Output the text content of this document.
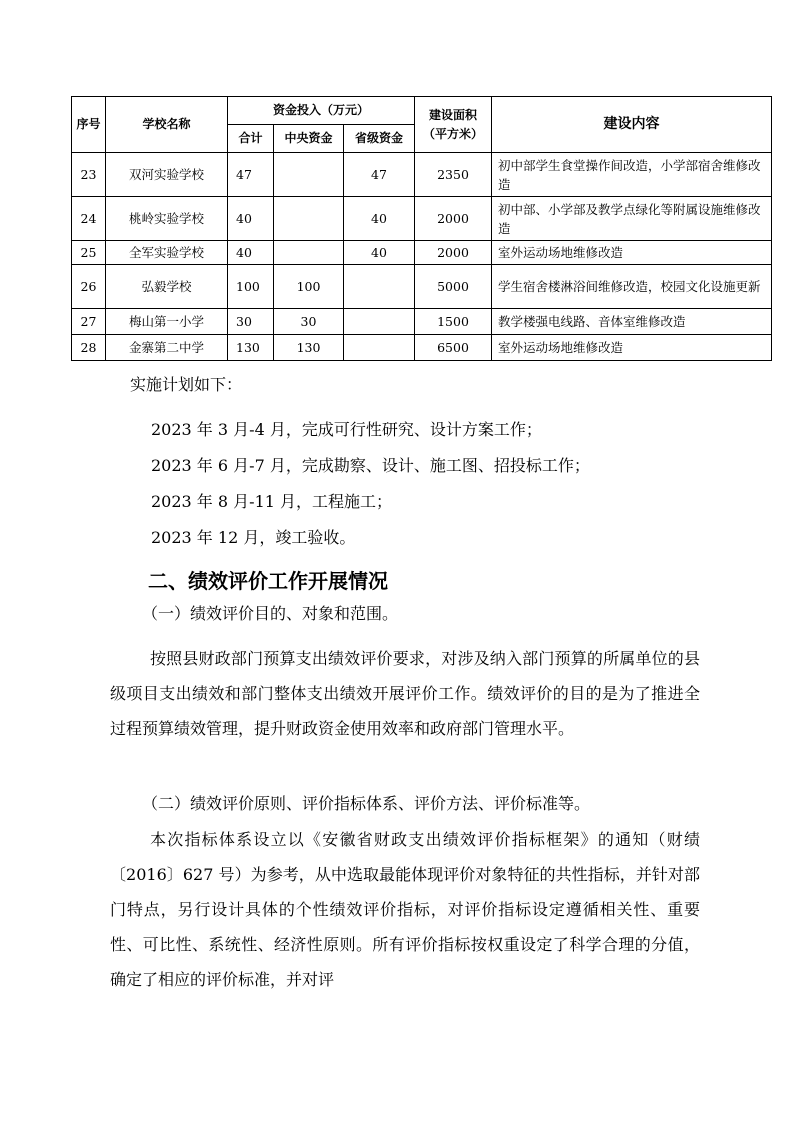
序号	学校名称	资金投入（万元）			建设面积（平方米）	建设内容
		合计	中央资金	省级资金		
23	双河实验学校	47		47	2350	初中部学生食堂操作间改造，小学部宿舍维修改造
24	桃岭实验学校	40		40	2000	初中部、小学部及教学点绿化等附属设施维修改造
25	全军实验学校	40		40	2000	室外运动场地维修改造
26	弘毅学校	100	100		5000	学生宿舍楼淋浴间维修改造，校园文化设施更新
27	梅山第一小学	30	30		1500	教学楼强电线路、音体室维修改造
28	金寨第二中学	130	130		6500	室外运动场地维修改造
实施计划如下：
2023 年 3 月-4 月，完成可行性研究、设计方案工作；
2023 年 6 月-7 月，完成勘察、设计、施工图、招投标工作；
2023 年 8 月-11 月，工程施工；
2023 年 12 月，竣工验收。
二、绩效评价工作开展情况
（一）绩效评价目的、对象和范围。
按照县财政部门预算支出绩效评价要求，对涉及纳入部门预算的所属单位的县级项目支出绩效和部门整体支出绩效开展评价工作。绩效评价的目的是为了推进全过程预算绩效管理，提升财政资金使用效率和政府部门管理水平。
（二）绩效评价原则、评价指标体系、评价方法、评价标准等。
本次指标体系设立以《安徽省财政支出绩效评价指标框架》的通知（财绩〔2016〕627 号）为参考，从中选取最能体现评价对象特征的共性指标，并针对部门特点，另行设计具体的个性绩效评价指标，对评价指标设定遵循相关性、重要性、可比性、系统性、经济性原则。所有评价指标按权重设定了科学合理的分值，确定了相应的评价标准，并对评
